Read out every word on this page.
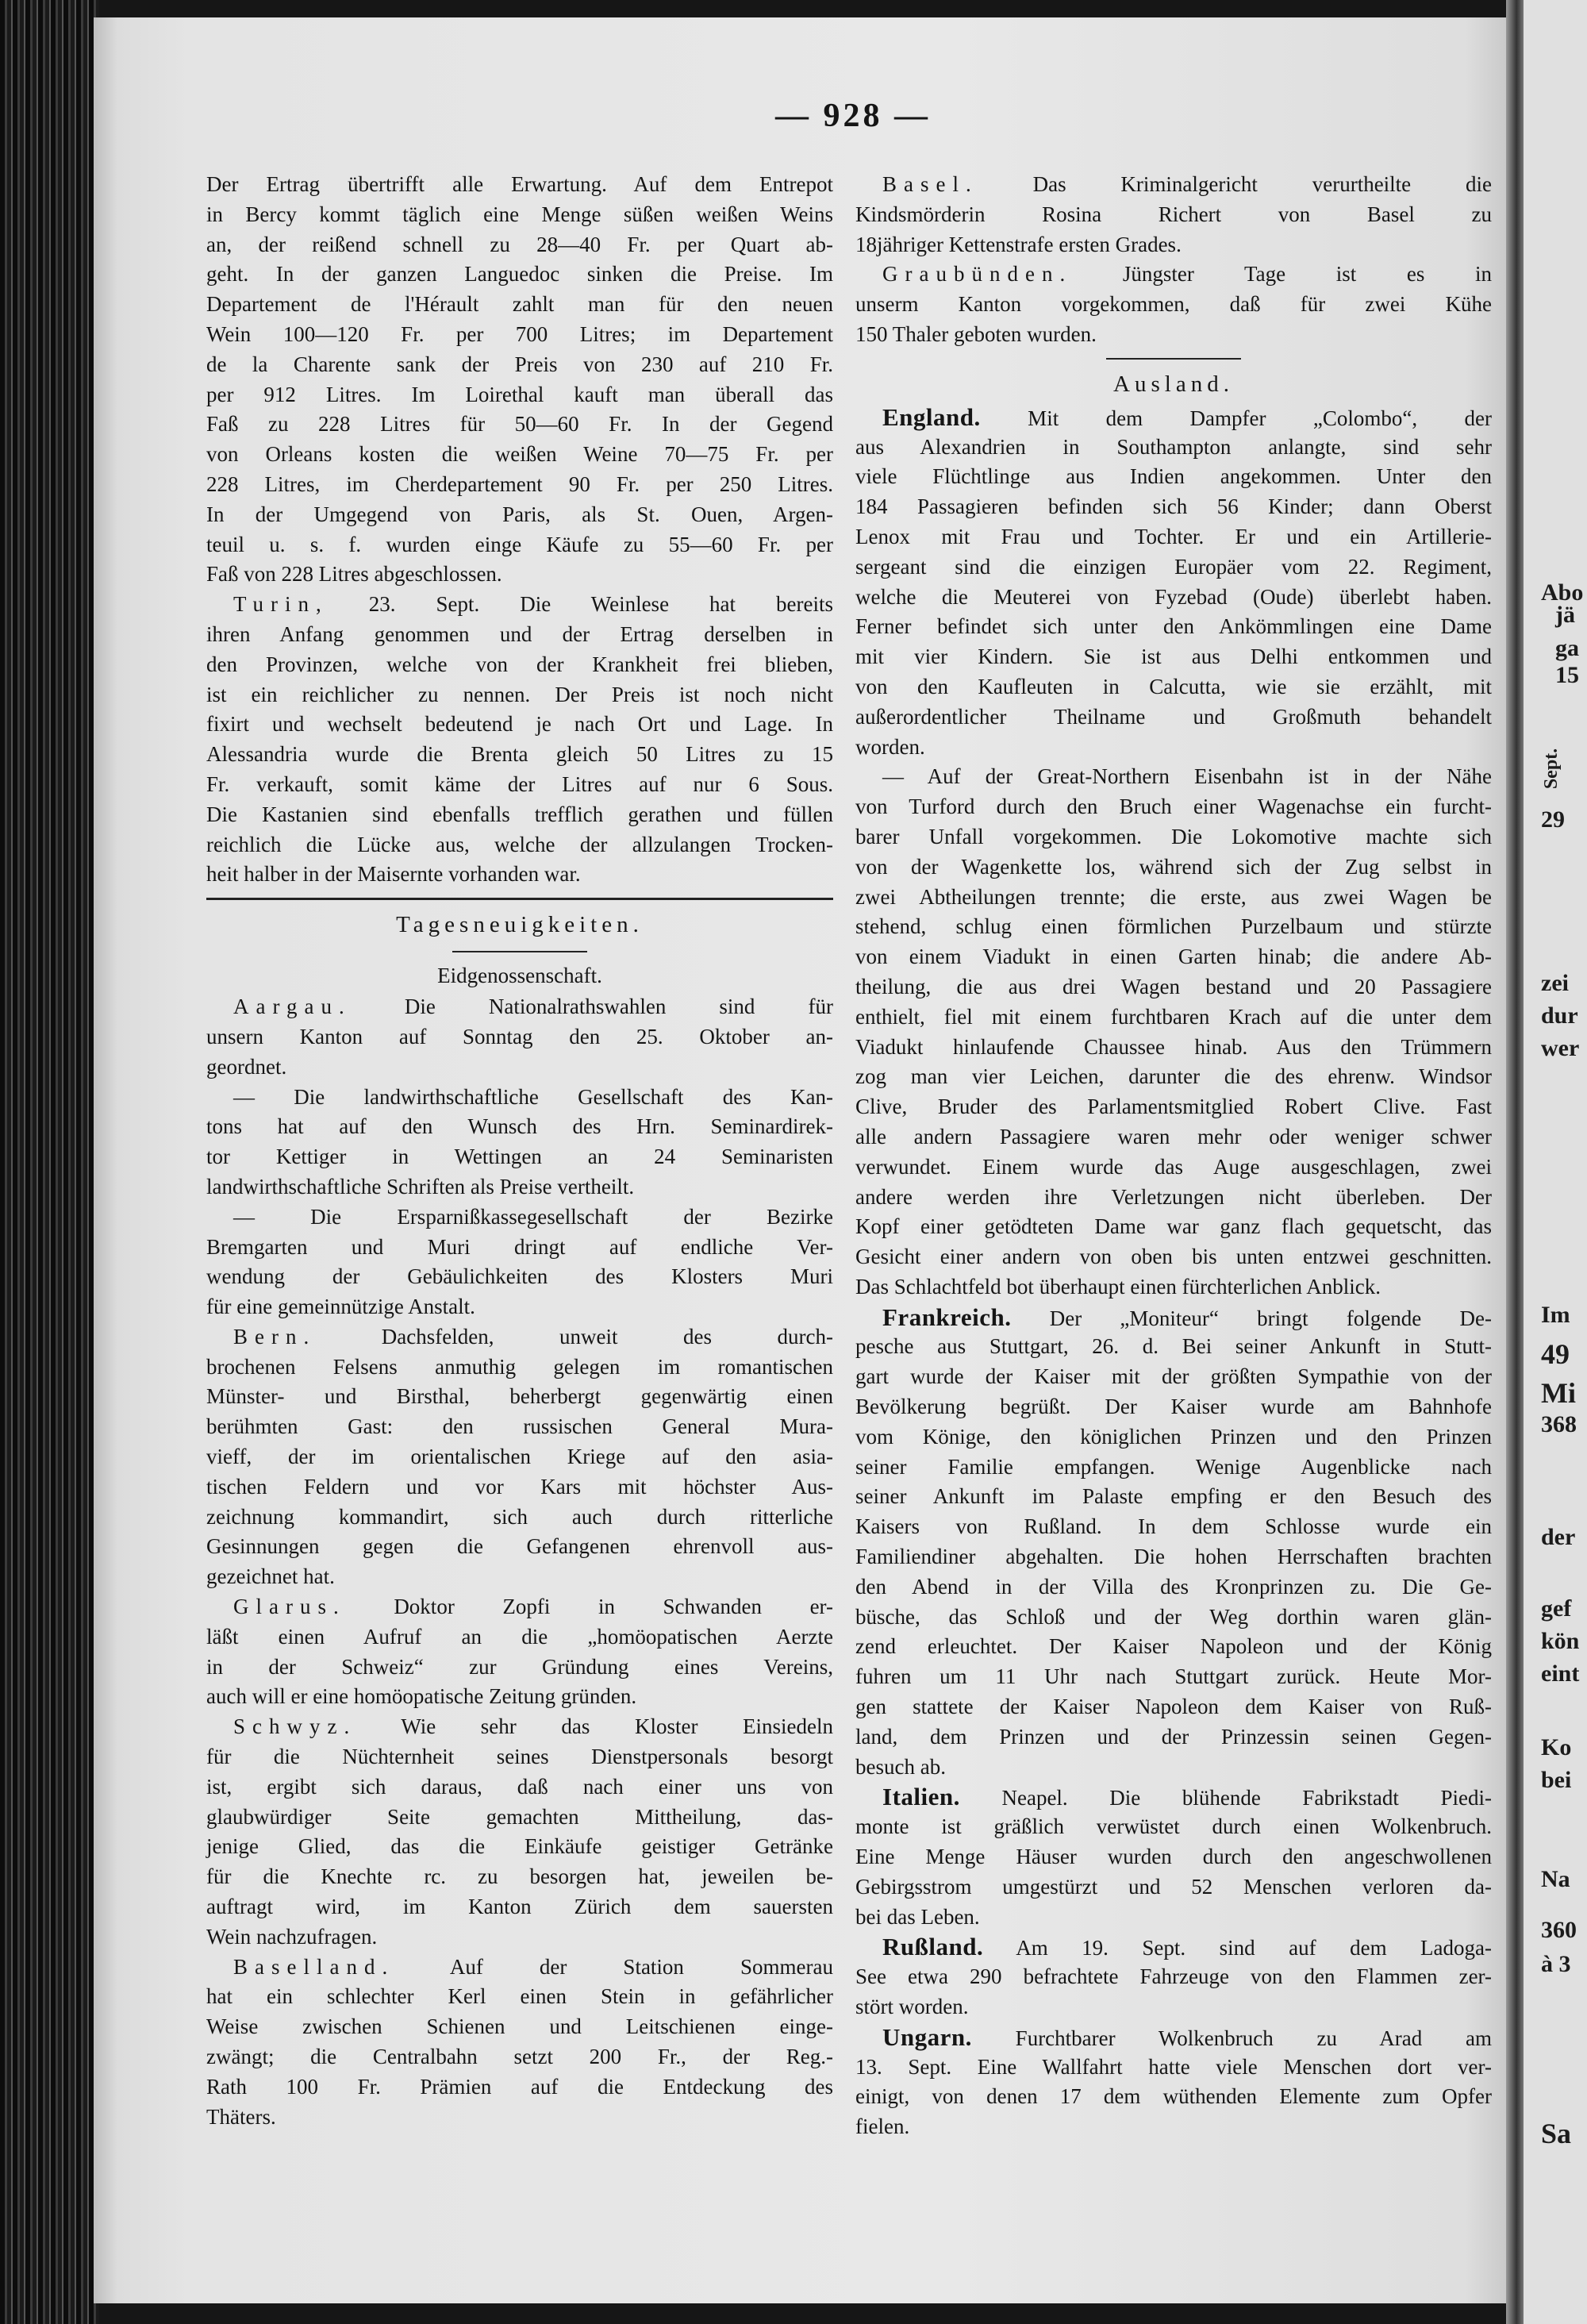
Abo
jä
ga
15
Sept.
29
zei
dur
wer
Im
49
Mi
368
der
gef
kön
eint
Ko
bei
Na
360
à 3
Sa
— 928 —
Der Ertrag übertrifft alle Erwartung. Auf dem Entrepot
in Bercy kommt täglich eine Menge süßen weißen Weins
an, der reißend schnell zu 28—40 Fr. per Quart ab-
geht. In der ganzen Languedoc sinken die Preise. Im
Departement de l'Hérault zahlt man für den neuen
Wein 100—120 Fr. per 700 Litres; im Departement
de la Charente sank der Preis von 230 auf 210 Fr.
per 912 Litres. Im Loirethal kauft man überall das
Faß zu 228 Litres für 50—60 Fr. In der Gegend
von Orleans kosten die weißen Weine 70—75 Fr. per
228 Litres, im Cherdepartement 90 Fr. per 250 Litres.
In der Umgegend von Paris, als St. Ouen, Argen-
teuil u. s. f. wurden einge Käufe zu 55—60 Fr. per
Faß von 228 Litres abgeschlossen.
Turin, 23. Sept. Die Weinlese hat bereits
ihren Anfang genommen und der Ertrag derselben in
den Provinzen, welche von der Krankheit frei blieben,
ist ein reichlicher zu nennen. Der Preis ist noch nicht
fixirt und wechselt bedeutend je nach Ort und Lage. In
Alessandria wurde die Brenta gleich 50 Litres zu 15
Fr. verkauft, somit käme der Litres auf nur 6 Sous.
Die Kastanien sind ebenfalls trefflich gerathen und füllen
reichlich die Lücke aus, welche der allzulangen Trocken-
heit halber in der Maisernte vorhanden war.
Tagesneuigkeiten.
Eidgenossenschaft.
Aargau. Die Nationalrathswahlen sind für
unsern Kanton auf Sonntag den 25. Oktober an-
geordnet.
— Die landwirthschaftliche Gesellschaft des Kan-
tons hat auf den Wunsch des Hrn. Seminardirek-
tor Kettiger in Wettingen an 24 Seminaristen
landwirthschaftliche Schriften als Preise vertheilt.
— Die Ersparnißkassegesellschaft der Bezirke
Bremgarten und Muri dringt auf endliche Ver-
wendung der Gebäulichkeiten des Klosters Muri
für eine gemeinnützige Anstalt.
Bern. Dachsfelden, unweit des durch-
brochenen Felsens anmuthig gelegen im romantischen
Münster- und Birsthal, beherbergt gegenwärtig einen
berühmten Gast: den russischen General Mura-
vieff, der im orientalischen Kriege auf den asia-
tischen Feldern und vor Kars mit höchster Aus-
zeichnung kommandirt, sich auch durch ritterliche
Gesinnungen gegen die Gefangenen ehrenvoll aus-
gezeichnet hat.
Glarus. Doktor Zopfi in Schwanden er-
läßt einen Aufruf an die „homöopatischen Aerzte
in der Schweiz“ zur Gründung eines Vereins,
auch will er eine homöopatische Zeitung gründen.
Schwyz. Wie sehr das Kloster Einsiedeln
für die Nüchternheit seines Dienstpersonals besorgt
ist, ergibt sich daraus, daß nach einer uns von
glaubwürdiger Seite gemachten Mittheilung, das-
jenige Glied, das die Einkäufe geistiger Getränke
für die Knechte rc. zu besorgen hat, jeweilen be-
auftragt wird, im Kanton Zürich dem sauersten
Wein nachzufragen.
Baselland. Auf der Station Sommerau
hat ein schlechter Kerl einen Stein in gefährlicher
Weise zwischen Schienen und Leitschienen einge-
zwängt; die Centralbahn setzt 200 Fr., der Reg.-
Rath 100 Fr. Prämien auf die Entdeckung des
Thäters.
Basel. Das Kriminalgericht verurtheilte die
Kindsmörderin Rosina Richert von Basel zu
18jähriger Kettenstrafe ersten Grades.
Graubünden. Jüngster Tage ist es in
unserm Kanton vorgekommen, daß für zwei Kühe
150 Thaler geboten wurden.
Ausland.
England. Mit dem Dampfer „Colombo“, der
aus Alexandrien in Southampton anlangte, sind sehr
viele Flüchtlinge aus Indien angekommen. Unter den
184 Passagieren befinden sich 56 Kinder; dann Oberst
Lenox mit Frau und Tochter. Er und ein Artillerie-
sergeant sind die einzigen Europäer vom 22. Regiment,
welche die Meuterei von Fyzebad (Oude) überlebt haben.
Ferner befindet sich unter den Ankömmlingen eine Dame
mit vier Kindern. Sie ist aus Delhi entkommen und
von den Kaufleuten in Calcutta, wie sie erzählt, mit
außerordentlicher Theilname und Großmuth behandelt
worden.
— Auf der Great-Northern Eisenbahn ist in der Nähe
von Turford durch den Bruch einer Wagenachse ein furcht-
barer Unfall vorgekommen. Die Lokomotive machte sich
von der Wagenkette los, während sich der Zug selbst in
zwei Abtheilungen trennte; die erste, aus zwei Wagen be
stehend, schlug einen förmlichen Purzelbaum und stürzte
von einem Viadukt in einen Garten hinab; die andere Ab-
theilung, die aus drei Wagen bestand und 20 Passagiere
enthielt, fiel mit einem furchtbaren Krach auf die unter dem
Viadukt hinlaufende Chaussee hinab. Aus den Trümmern
zog man vier Leichen, darunter die des ehrenw. Windsor
Clive, Bruder des Parlamentsmitglied Robert Clive. Fast
alle andern Passagiere waren mehr oder weniger schwer
verwundet. Einem wurde das Auge ausgeschlagen, zwei
andere werden ihre Verletzungen nicht überleben. Der
Kopf einer getödteten Dame war ganz flach gequetscht, das
Gesicht einer andern von oben bis unten entzwei geschnitten.
Das Schlachtfeld bot überhaupt einen fürchterlichen Anblick.
Frankreich. Der „Moniteur“ bringt folgende De-
pesche aus Stuttgart, 26. d. Bei seiner Ankunft in Stutt-
gart wurde der Kaiser mit der größten Sympathie von der
Bevölkerung begrüßt. Der Kaiser wurde am Bahnhofe
vom Könige, den königlichen Prinzen und den Prinzen
seiner Familie empfangen. Wenige Augenblicke nach
seiner Ankunft im Palaste empfing er den Besuch des
Kaisers von Rußland. In dem Schlosse wurde ein
Familiendiner abgehalten. Die hohen Herrschaften brachten
den Abend in der Villa des Kronprinzen zu. Die Ge-
büsche, das Schloß und der Weg dorthin waren glän-
zend erleuchtet. Der Kaiser Napoleon und der König
fuhren um 11 Uhr nach Stuttgart zurück. Heute Mor-
gen stattete der Kaiser Napoleon dem Kaiser von Ruß-
land, dem Prinzen und der Prinzessin seinen Gegen-
besuch ab.
Italien. Neapel. Die blühende Fabrikstadt Piedi-
monte ist gräßlich verwüstet durch einen Wolkenbruch.
Eine Menge Häuser wurden durch den angeschwollenen
Gebirgsstrom umgestürzt und 52 Menschen verloren da-
bei das Leben.
Rußland. Am 19. Sept. sind auf dem Ladoga-
See etwa 290 befrachtete Fahrzeuge von den Flammen zer-
stört worden.
Ungarn. Furchtbarer Wolkenbruch zu Arad am
13. Sept. Eine Wallfahrt hatte viele Menschen dort ver-
einigt, von denen 17 dem wüthenden Elemente zum Opfer
fielen.
